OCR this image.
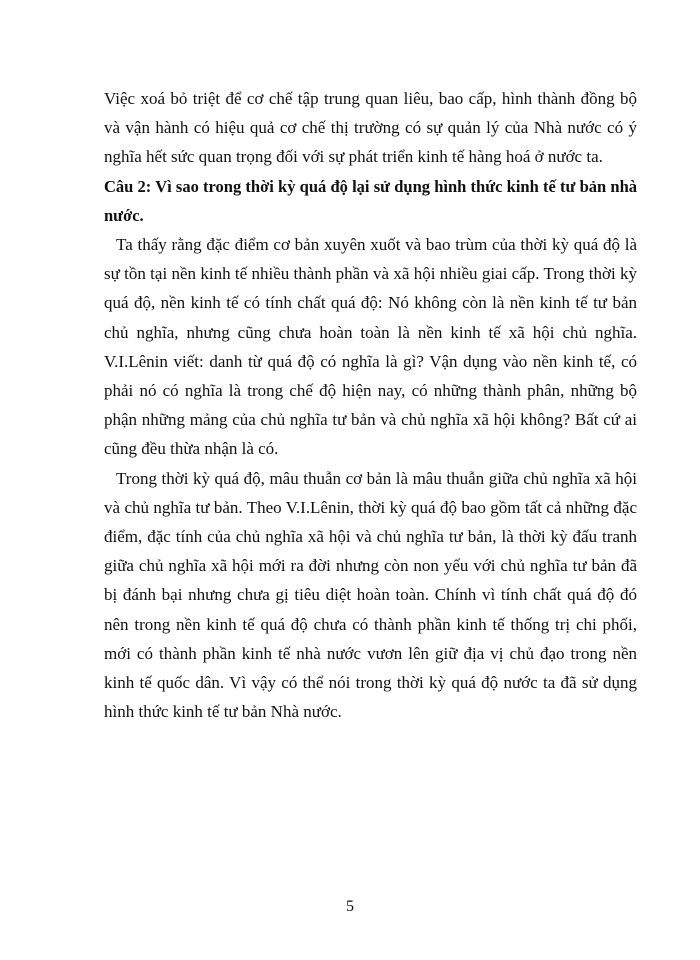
Việc xoá bỏ triệt để cơ chế tập trung quan liêu, bao cấp, hình thành đồng bộ và vận hành có hiệu quả cơ chế thị trường có sự quản lý của Nhà nước có ý nghĩa hết sức quan trọng đối với sự phát triển kinh tế hàng hoá ở nước ta.

Câu 2: Vì sao trong thời kỳ quá độ lại sử dụng hình thức kinh tế tư bản nhà nước.

Ta thấy rằng đặc điểm cơ bản xuyên xuốt và bao trùm của thời kỳ quá độ là sự tồn tại nền kinh tế nhiều thành phần và xã hội nhiều giai cấp. Trong thời kỳ quá độ, nền kinh tế có tính chất quá độ: Nó không còn là nền kinh tế tư bản chủ nghĩa, nhưng cũng chưa hoàn toàn là nền kinh tế xã hội chủ nghĩa. V.I.Lênin viết: danh từ quá độ có nghĩa là gì? Vận dụng vào nền kinh tế, có phải nó có nghĩa là trong chế độ hiện nay, có những thành phân, những bộ phận những mảng của chủ nghĩa tư bản và chủ nghĩa xã hội không? Bất cứ ai cũng đều thừa nhận là có.

Trong thời kỳ quá độ, mâu thuẫn cơ bản là mâu thuẫn giữa chủ nghĩa xã hội và chủ nghĩa tư bản. Theo V.I.Lênin, thời kỳ quá độ bao gồm tất cả những đặc điểm, đặc tính của chủ nghĩa xã hội và chủ nghĩa tư bản, là thời kỳ đấu tranh giữa chủ nghĩa xã hội mới ra đời nhưng còn non yếu với chủ nghĩa tư bản đã bị đánh bại nhưng chưa gị tiêu diệt hoàn toàn. Chính vì tính chất quá độ đó nên trong nền kinh tế quá độ chưa có thành phần kinh tế thống trị chi phối, mới có thành phần kinh tế nhà nước vươn lên giữ địa vị chủ đạo trong nền kinh tế quốc dân. Vì vậy có thể nói trong thời kỳ quá độ nước ta đã sử dụng hình thức kinh tế tư bản Nhà nước.

5
